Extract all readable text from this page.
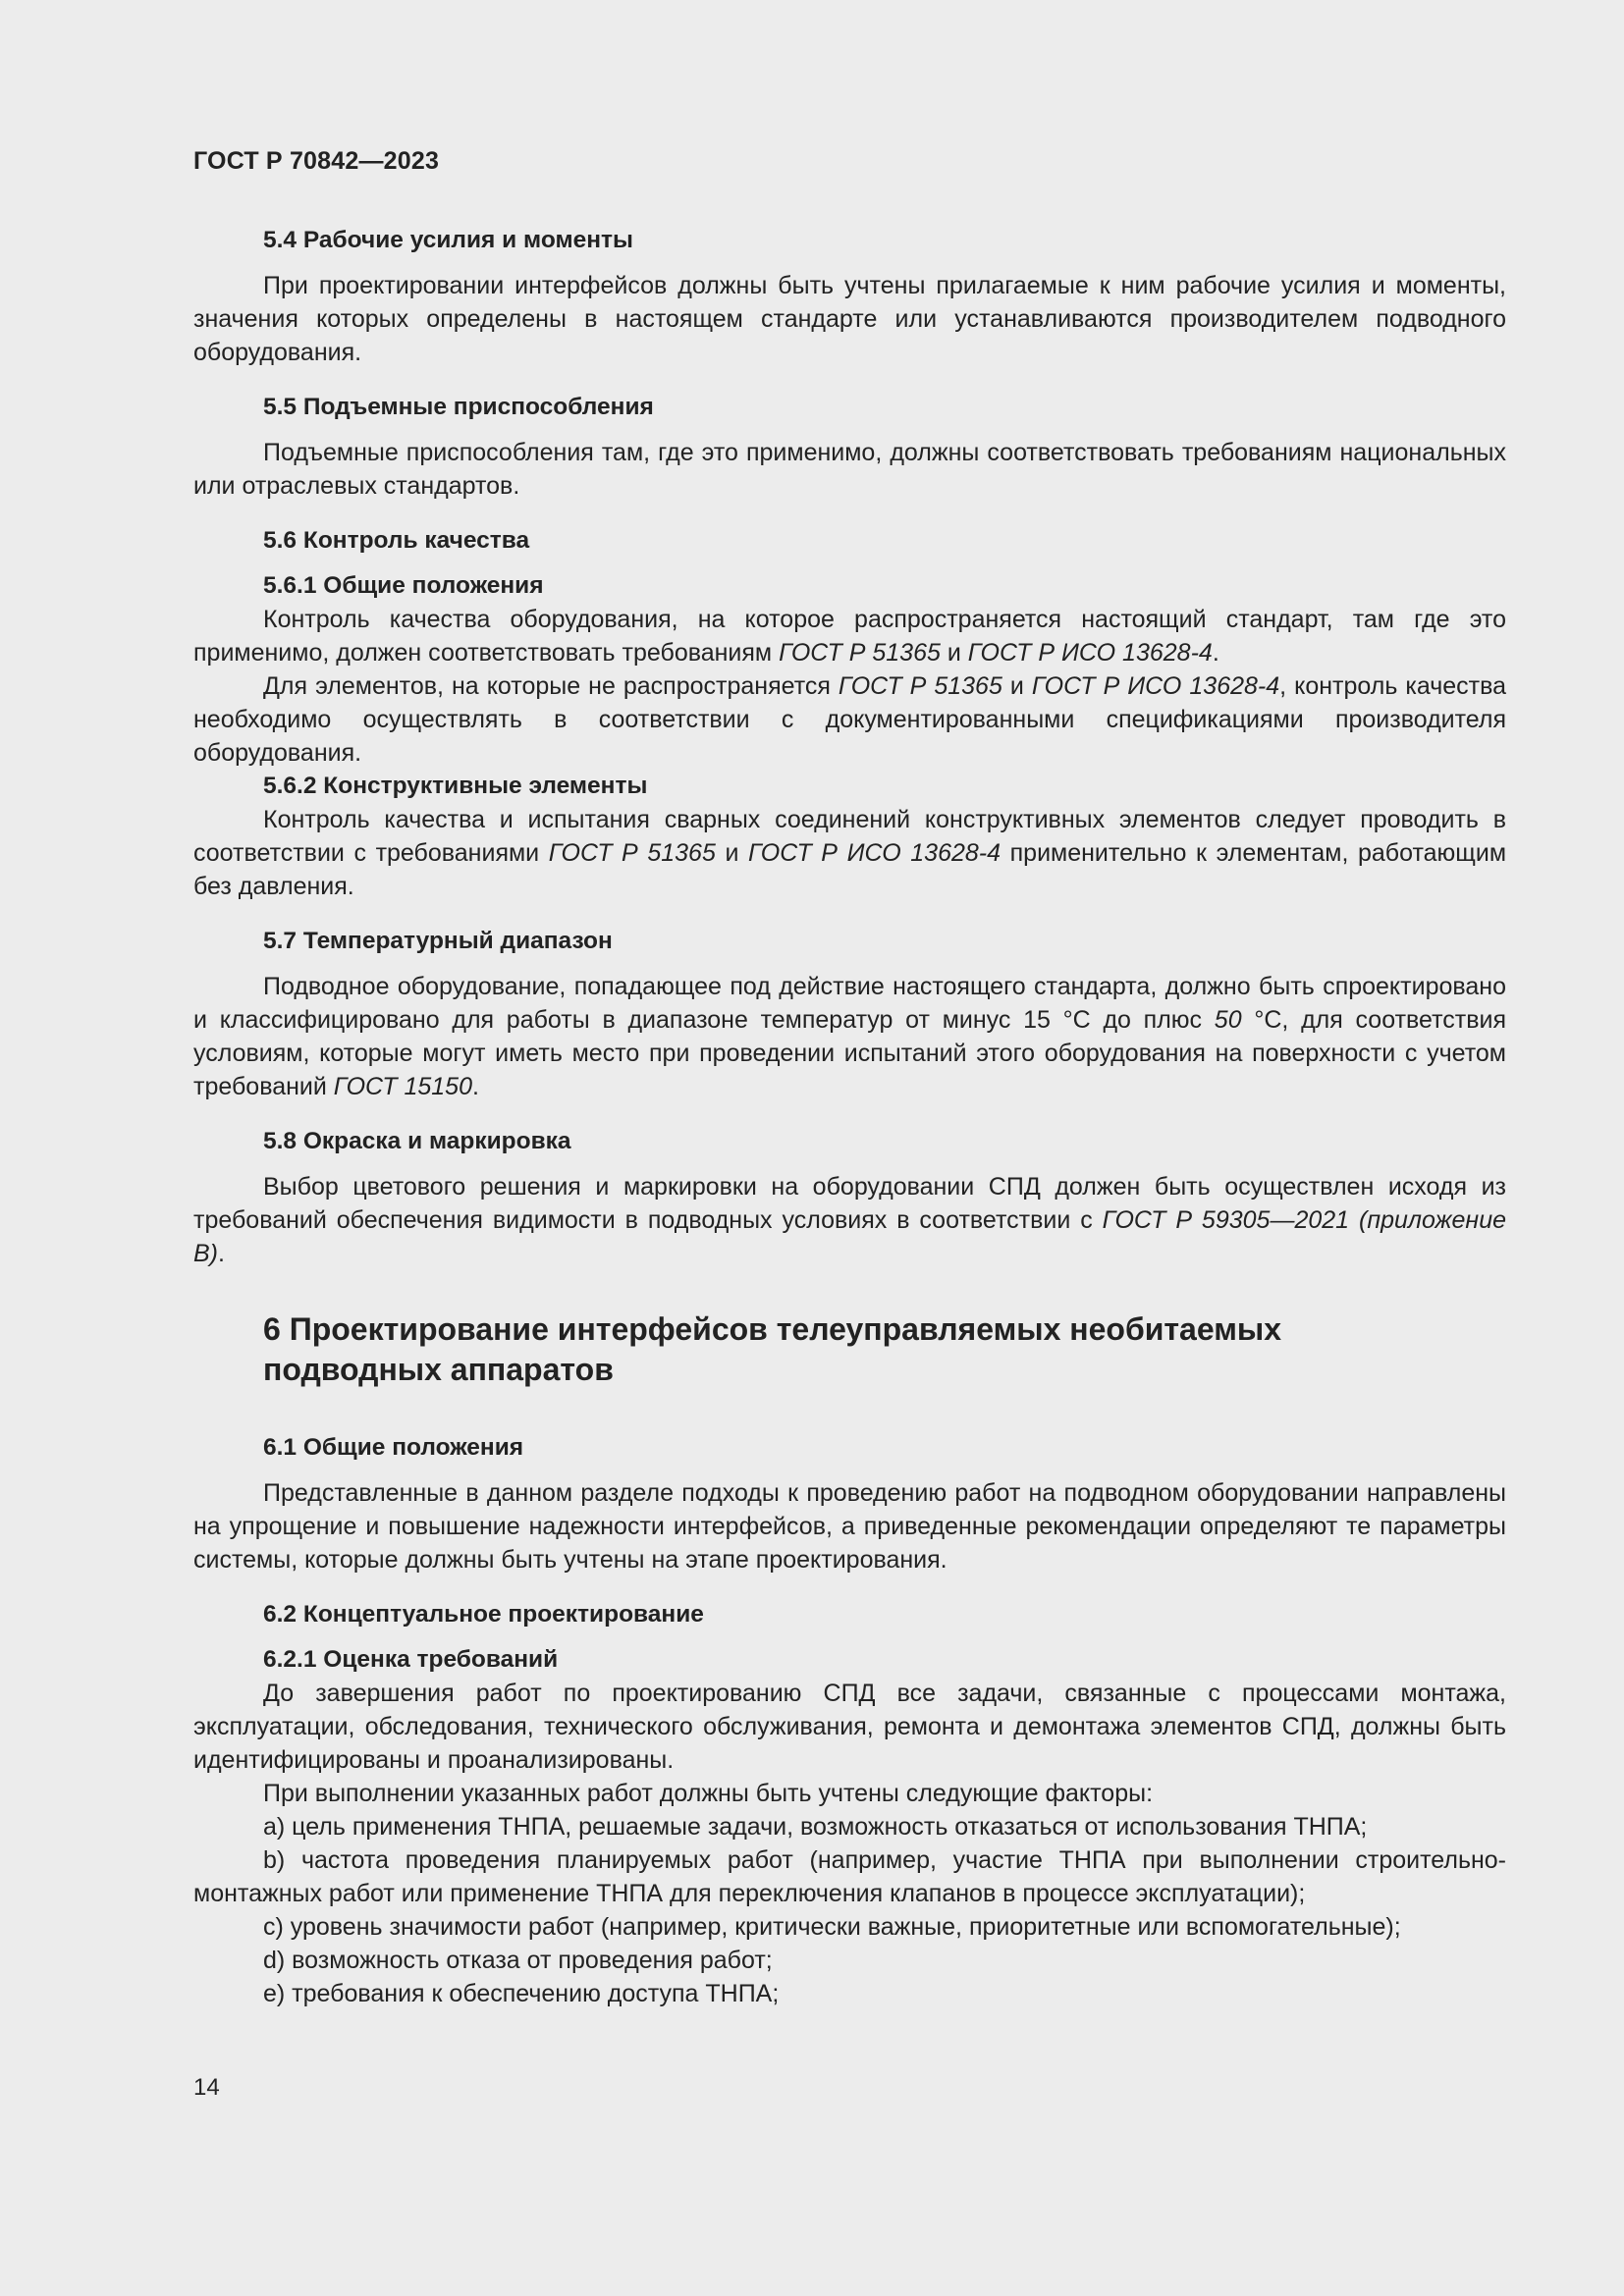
ГОСТ Р 70842—2023
5.4 Рабочие усилия и моменты

При проектировании интерфейсов должны быть учтены прилагаемые к ним рабочие усилия и моменты, значения которых определены в настоящем стандарте или устанавливаются производителем подводного оборудования.

5.5 Подъемные приспособления

Подъемные приспособления там, где это применимо, должны соответствовать требованиям национальных или отраслевых стандартов.

5.6 Контроль качества
5.6.1 Общие положения

Контроль качества оборудования, на которое распространяется настоящий стандарт, там где это применимо, должен соответствовать требованиям ГОСТ Р 51365 и ГОСТ Р ИСО 13628-4.

Для элементов, на которые не распространяется ГОСТ Р 51365 и ГОСТ Р ИСО 13628-4, контроль качества необходимо осуществлять в соответствии с документированными спецификациями производителя оборудования.

5.6.2 Конструктивные элементы

Контроль качества и испытания сварных соединений конструктивных элементов следует проводить в соответствии с требованиями ГОСТ Р 51365 и ГОСТ Р ИСО 13628-4 применительно к элементам, работающим без давления.

5.7 Температурный диапазон

Подводное оборудование, попадающее под действие настоящего стандарта, должно быть спроектировано и классифицировано для работы в диапазоне температур от минус 15 °С до плюс 50 °С, для соответствия условиям, которые могут иметь место при проведении испытаний этого оборудования на поверхности с учетом требований ГОСТ 15150.

5.8 Окраска и маркировка

Выбор цветового решения и маркировки на оборудовании СПД должен быть осуществлен исходя из требований обеспечения видимости в подводных условиях в соответствии с ГОСТ Р 59305—2021 (приложение В).

6 Проектирование интерфейсов телеуправляемых необитаемых
подводных аппаратов
6.1 Общие положения

Представленные в данном разделе подходы к проведению работ на подводном оборудовании направлены на упрощение и повышение надежности интерфейсов, а приведенные рекомендации определяют те параметры системы, которые должны быть учтены на этапе проектирования.

6.2 Концептуальное проектирование
6.2.1 Оценка требований

До завершения работ по проектированию СПД все задачи, связанные с процессами монтажа, эксплуатации, обследования, технического обслуживания, ремонта и демонтажа элементов СПД, должны быть идентифицированы и проанализированы.

При выполнении указанных работ должны быть учтены следующие факторы:

a) цель применения ТНПА, решаемые задачи, возможность отказаться от использования ТНПА;

b) частота проведения планируемых работ (например, участие ТНПА при выполнении строительно-монтажных работ или применение ТНПА для переключения клапанов в процессе эксплуатации);

c) уровень значимости работ (например, критически важные, приоритетные или вспомогательные);

d) возможность отказа от проведения работ;

e) требования к обеспечению доступа ТНПА;

14
